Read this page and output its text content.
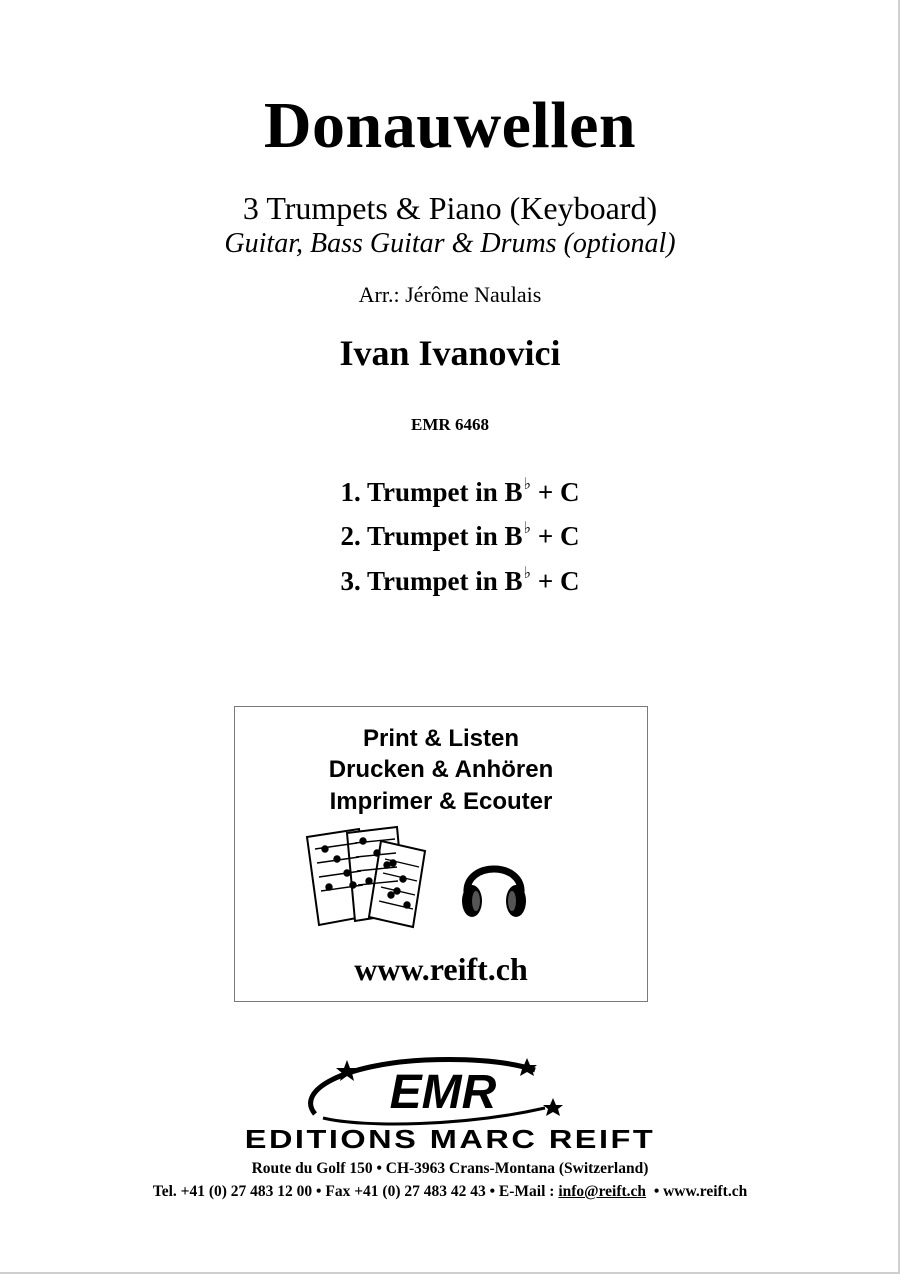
Donauwellen
3 Trumpets & Piano (Keyboard)
Guitar, Bass Guitar & Drums (optional)
Arr.: Jérôme Naulais
Ivan Ivanovici
EMR 6468
1. Trumpet in B♭ + C
2. Trumpet in B♭ + C
3. Trumpet in B♭ + C
Print & Listen
Drucken & Anhören
Imprimer & Ecouter
www.reift.ch
EMR
EDITIONS MARC REIFT
Route du Golf 150 • CH-3963 Crans-Montana (Switzerland)
Tel. +41 (0) 27 483 12 00 • Fax +41 (0) 27 483 42 43 • E-Mail : info@reift.ch  • www.reift.ch
